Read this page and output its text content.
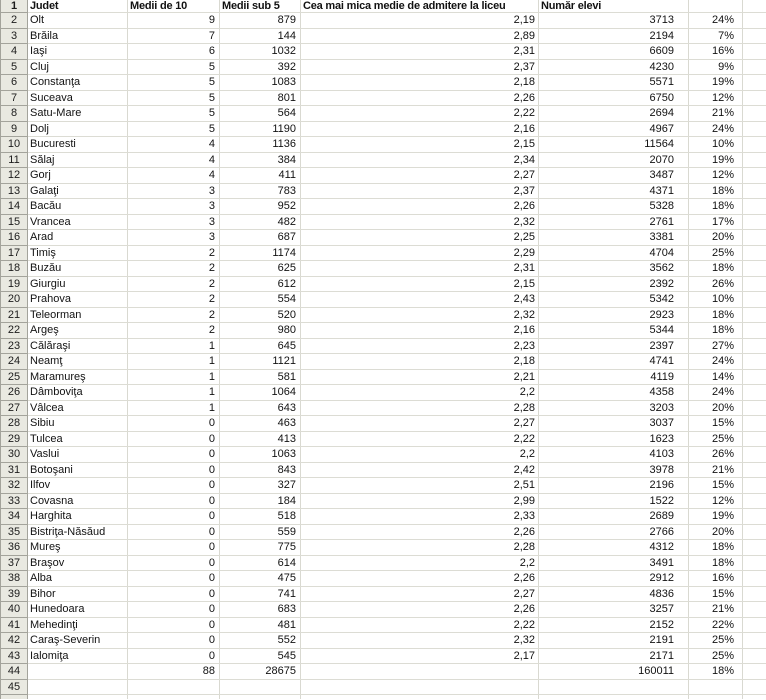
1	Judet	Medii de 10	Medii sub 5	Cea mai mica medie de admitere la liceu	Număr elevi		
2	Olt	9	879	2,19	3713	24%	
3	Brăila	7	144	2,89	2194	7%	
4	Iaşi	6	1032	2,31	6609	16%	
5	Cluj	5	392	2,37	4230	9%	
6	Constanţa	5	1083	2,18	5571	19%	
7	Suceava	5	801	2,26	6750	12%	
8	Satu-Mare	5	564	2,22	2694	21%	
9	Dolj	5	1190	2,16	4967	24%	
10	Bucuresti	4	1136	2,15	11564	10%	
11	Sălaj	4	384	2,34	2070	19%	
12	Gorj	4	411	2,27	3487	12%	
13	Galaţi	3	783	2,37	4371	18%	
14	Bacău	3	952	2,26	5328	18%	
15	Vrancea	3	482	2,32	2761	17%	
16	Arad	3	687	2,25	3381	20%	
17	Timiş	2	1174	2,29	4704	25%	
18	Buzău	2	625	2,31	3562	18%	
19	Giurgiu	2	612	2,15	2392	26%	
20	Prahova	2	554	2,43	5342	10%	
21	Teleorman	2	520	2,32	2923	18%	
22	Argeş	2	980	2,16	5344	18%	
23	Călăraşi	1	645	2,23	2397	27%	
24	Neamţ	1	1121	2,18	4741	24%	
25	Maramureş	1	581	2,21	4119	14%	
26	Dâmboviţa	1	1064	2,2	4358	24%	
27	Vâlcea	1	643	2,28	3203	20%	
28	Sibiu	0	463	2,27	3037	15%	
29	Tulcea	0	413	2,22	1623	25%	
30	Vaslui	0	1063	2,2	4103	26%	
31	Botoşani	0	843	2,42	3978	21%	
32	Ilfov	0	327	2,51	2196	15%	
33	Covasna	0	184	2,99	1522	12%	
34	Harghita	0	518	2,33	2689	19%	
35	Bistriţa-Năsăud	0	559	2,26	2766	20%	
36	Mureş	0	775	2,28	4312	18%	
37	Braşov	0	614	2,2	3491	18%	
38	Alba	0	475	2,26	2912	16%	
39	Bihor	0	741	2,27	4836	15%	
40	Hunedoara	0	683	2,26	3257	21%	
41	Mehedinţi	0	481	2,22	2152	22%	
42	Caraş-Severin	0	552	2,32	2191	25%	
43	Ialomiţa	0	545	2,17	2171	25%	
44		88	28675		160011	18%	
45							
